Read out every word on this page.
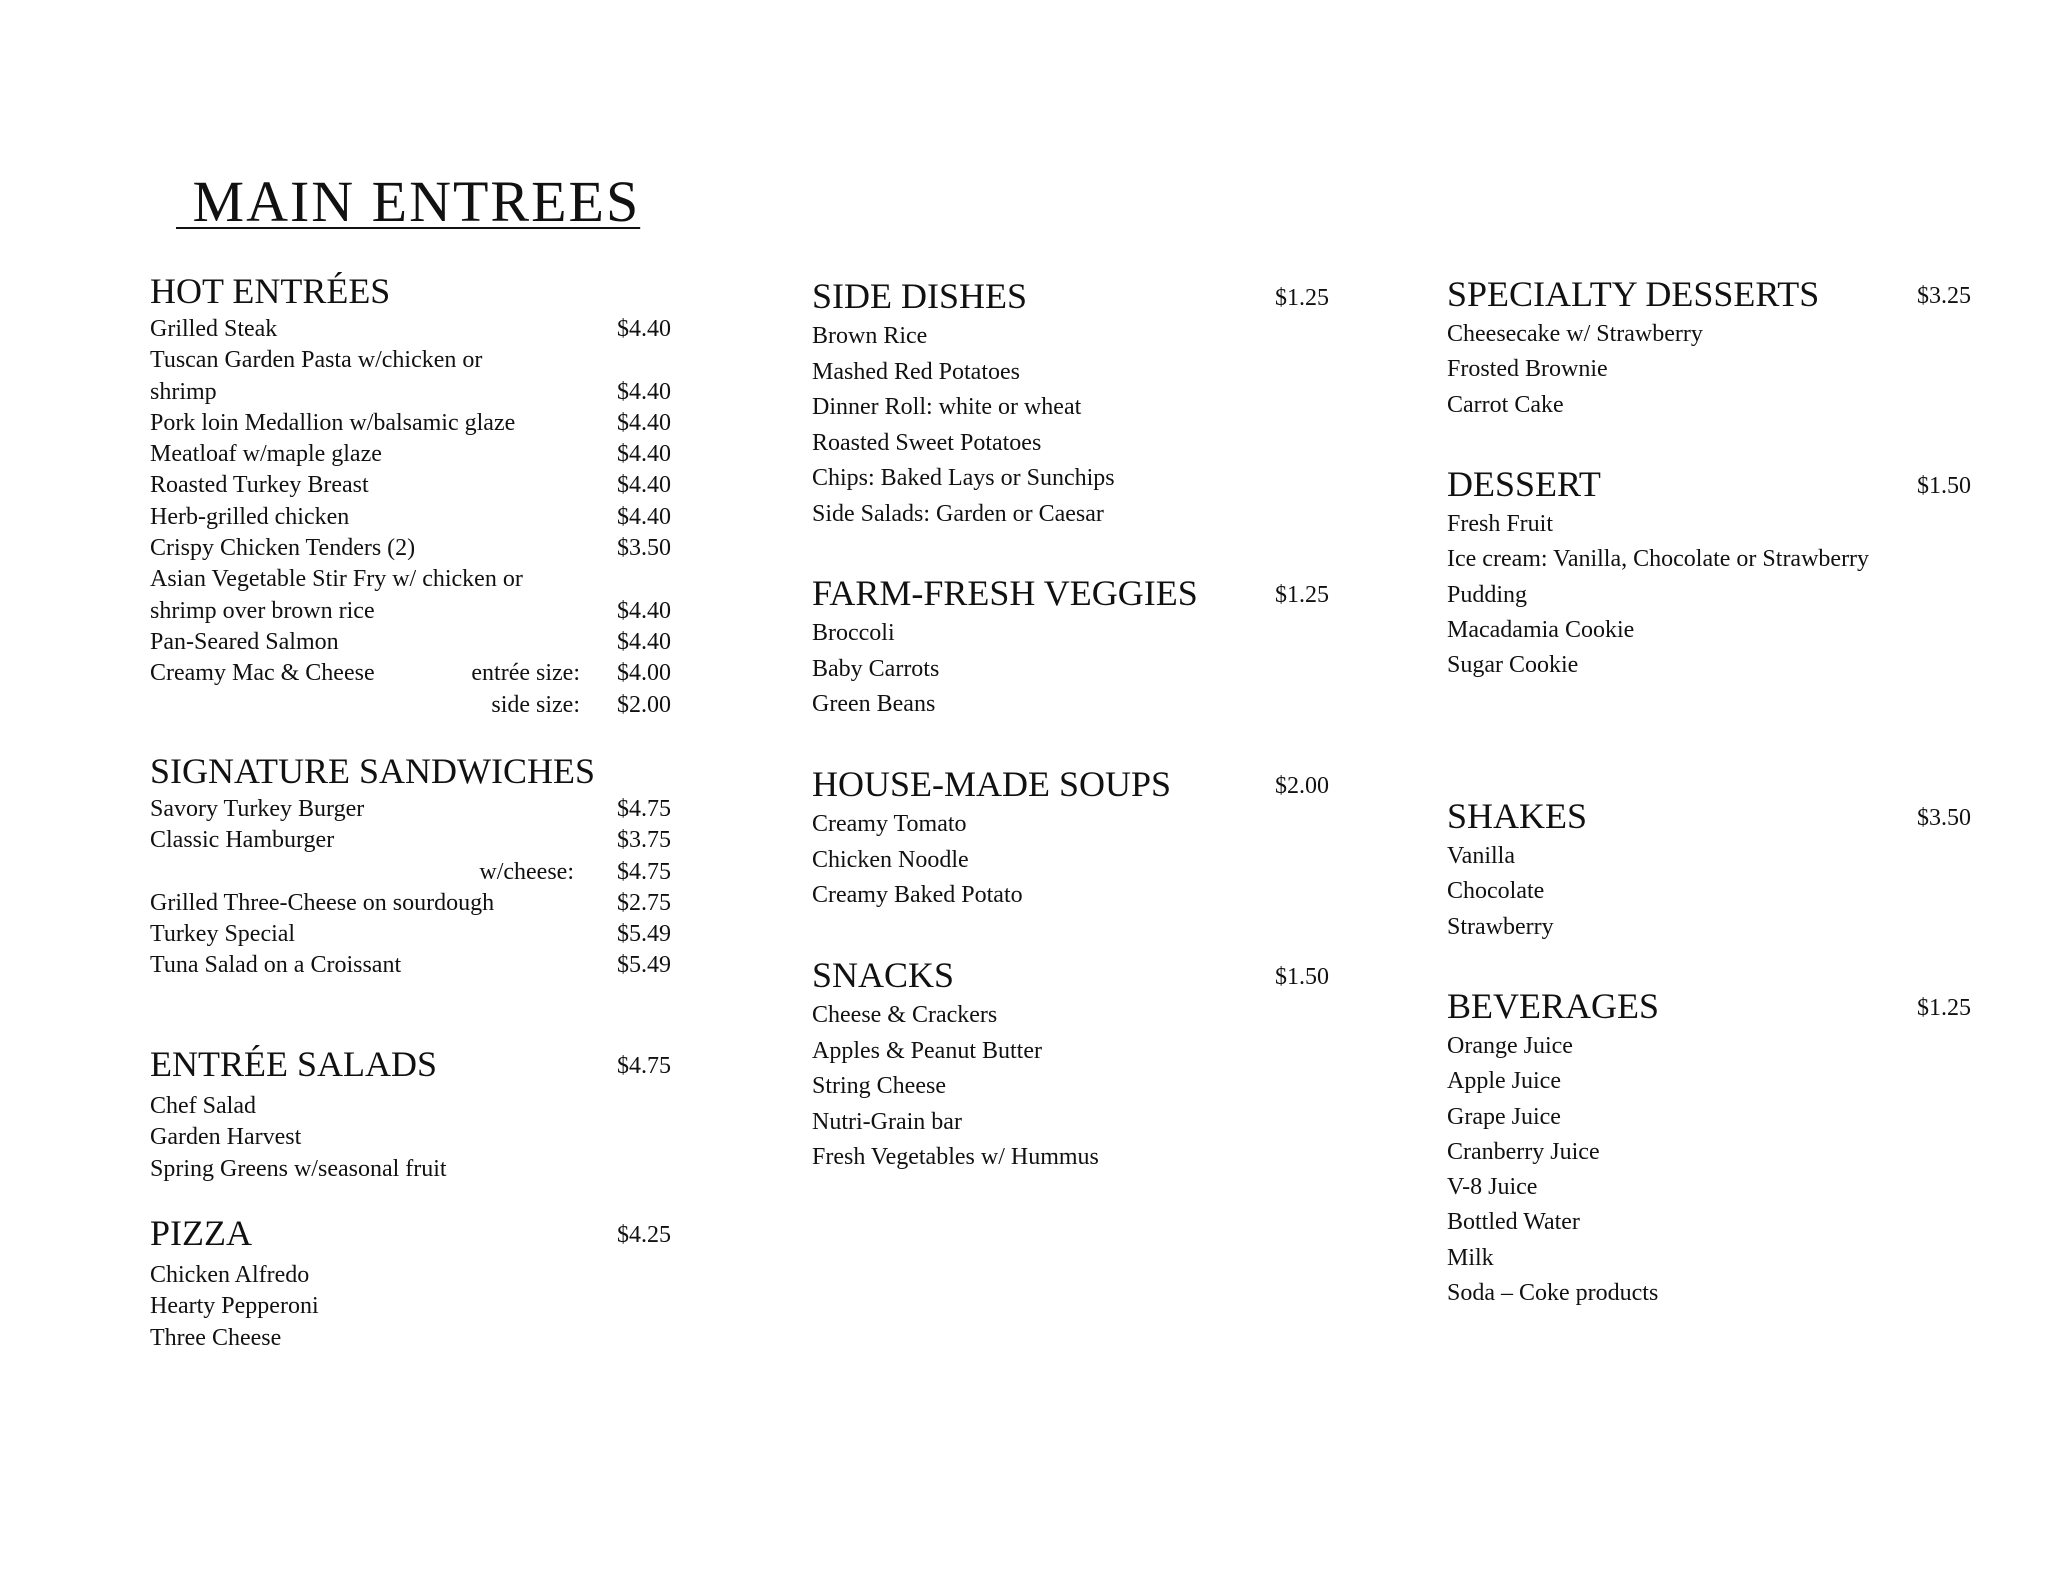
MAIN ENTREES
HOT ENTRÉES
Grilled Steak	$4.40
Tuscan Garden Pasta w/chicken or
shrimp	$4.40
Pork loin Medallion w/balsamic glaze	$4.40
Meatloaf w/maple glaze	$4.40
Roasted Turkey Breast	$4.40
Herb-grilled chicken	$4.40
Crispy Chicken Tenders (2)	$3.50
Asian Vegetable Stir Fry w/ chicken or
shrimp over brown rice	$4.40
Pan-Seared Salmon	$4.40
Creamy Mac & Cheese	entrée size: $4.00
side size: $2.00
SIGNATURE SANDWICHES
Savory Turkey Burger	$4.75
Classic Hamburger	$3.75
w/cheese: $4.75
Grilled Three-Cheese on sourdough	$2.75
Turkey Special	$5.49
Tuna Salad on a Croissant	$5.49
ENTRÉE SALADS	$4.75
Chef Salad
Garden Harvest
Spring Greens w/seasonal fruit
PIZZA	$4.25
Chicken Alfredo
Hearty Pepperoni
Three Cheese
SIDE DISHES	$1.25
Brown Rice
Mashed Red Potatoes
Dinner Roll: white or wheat
Roasted Sweet Potatoes
Chips: Baked Lays or Sunchips
Side Salads: Garden or Caesar
FARM-FRESH VEGGIES	$1.25
Broccoli
Baby Carrots
Green Beans
HOUSE-MADE SOUPS	$2.00
Creamy Tomato
Chicken Noodle
Creamy Baked Potato
SNACKS	$1.50
Cheese & Crackers
Apples & Peanut Butter
String Cheese
Nutri-Grain bar
Fresh Vegetables w/ Hummus
SPECIALTY DESSERTS	$3.25
Cheesecake w/ Strawberry
Frosted Brownie
Carrot Cake
DESSERT	$1.50
Fresh Fruit
Ice cream: Vanilla, Chocolate or Strawberry
Pudding
Macadamia Cookie
Sugar Cookie
SHAKES	$3.50
Vanilla
Chocolate
Strawberry
BEVERAGES	$1.25
Orange Juice
Apple Juice
Grape Juice
Cranberry Juice
V-8 Juice
Bottled Water
Milk
Soda – Coke products
